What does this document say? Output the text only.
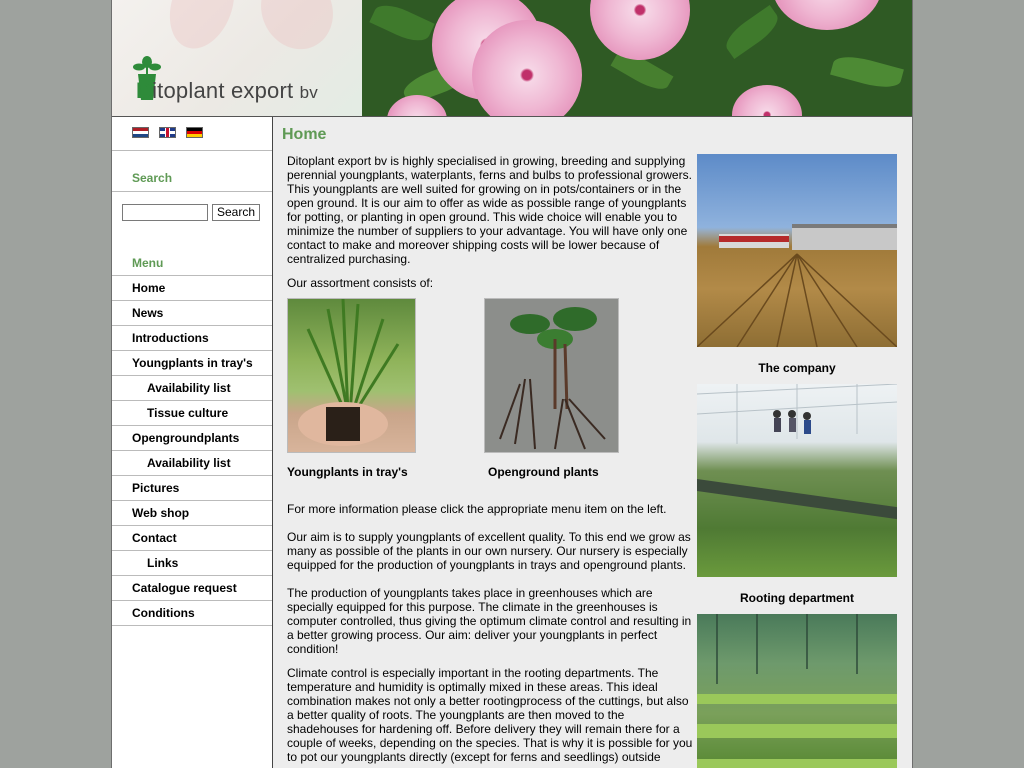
Ditoplant export bv
Search
Search
Menu
Home
News
Introductions
Youngplants in tray's
Availability list
Tissue culture
Opengroundplants
Availability list
Pictures
Web shop
Contact
Links
Catalogue request
Conditions
Home

Ditoplant export bv is highly specialised in growing, breeding and supplying perennial youngplants, waterplants, ferns and bulbs to professional growers. This youngplants are well suited for growing on in pots/containers or in the open ground. It is our aim to offer as wide as possible range of youngplants for potting, or planting in open ground. This wide choice will enable you to minimize the number of suppliers to your advantage. You will have only one contact to make and moreover shipping costs will be lower because of centralized purchasing.

Our assortment consists of:

Youngplants in tray's	Openground plants

For more information please click the appropriate menu item on the left.

Our aim is to supply youngplants of excellent quality. To this end we grow as many as possible of the plants in our own nursery. Our nursery is especially equipped for the production of youngplants in trays and openground plants.

The production of youngplants takes place in greenhouses which are specially equipped for this purpose. The climate in the greenhouses is computer controlled, thus giving the optimum climate control and resulting in a better growing process. Our aim: deliver your youngplants in perfect condition!

Climate control is especially important in the rooting departments. The temperature and humidity is optimally mixed in these areas. This ideal combination makes not only a better rootingprocess of the cuttings, but also a better quality of roots. The youngplants are then moved to the shadehouses for hardening off. Before delivery they will remain there for a couple of weeks, depending on the species. That is why it is possible for you to pot our youngplants directly (except for ferns and seedlings) outside

The company
Rooting department
